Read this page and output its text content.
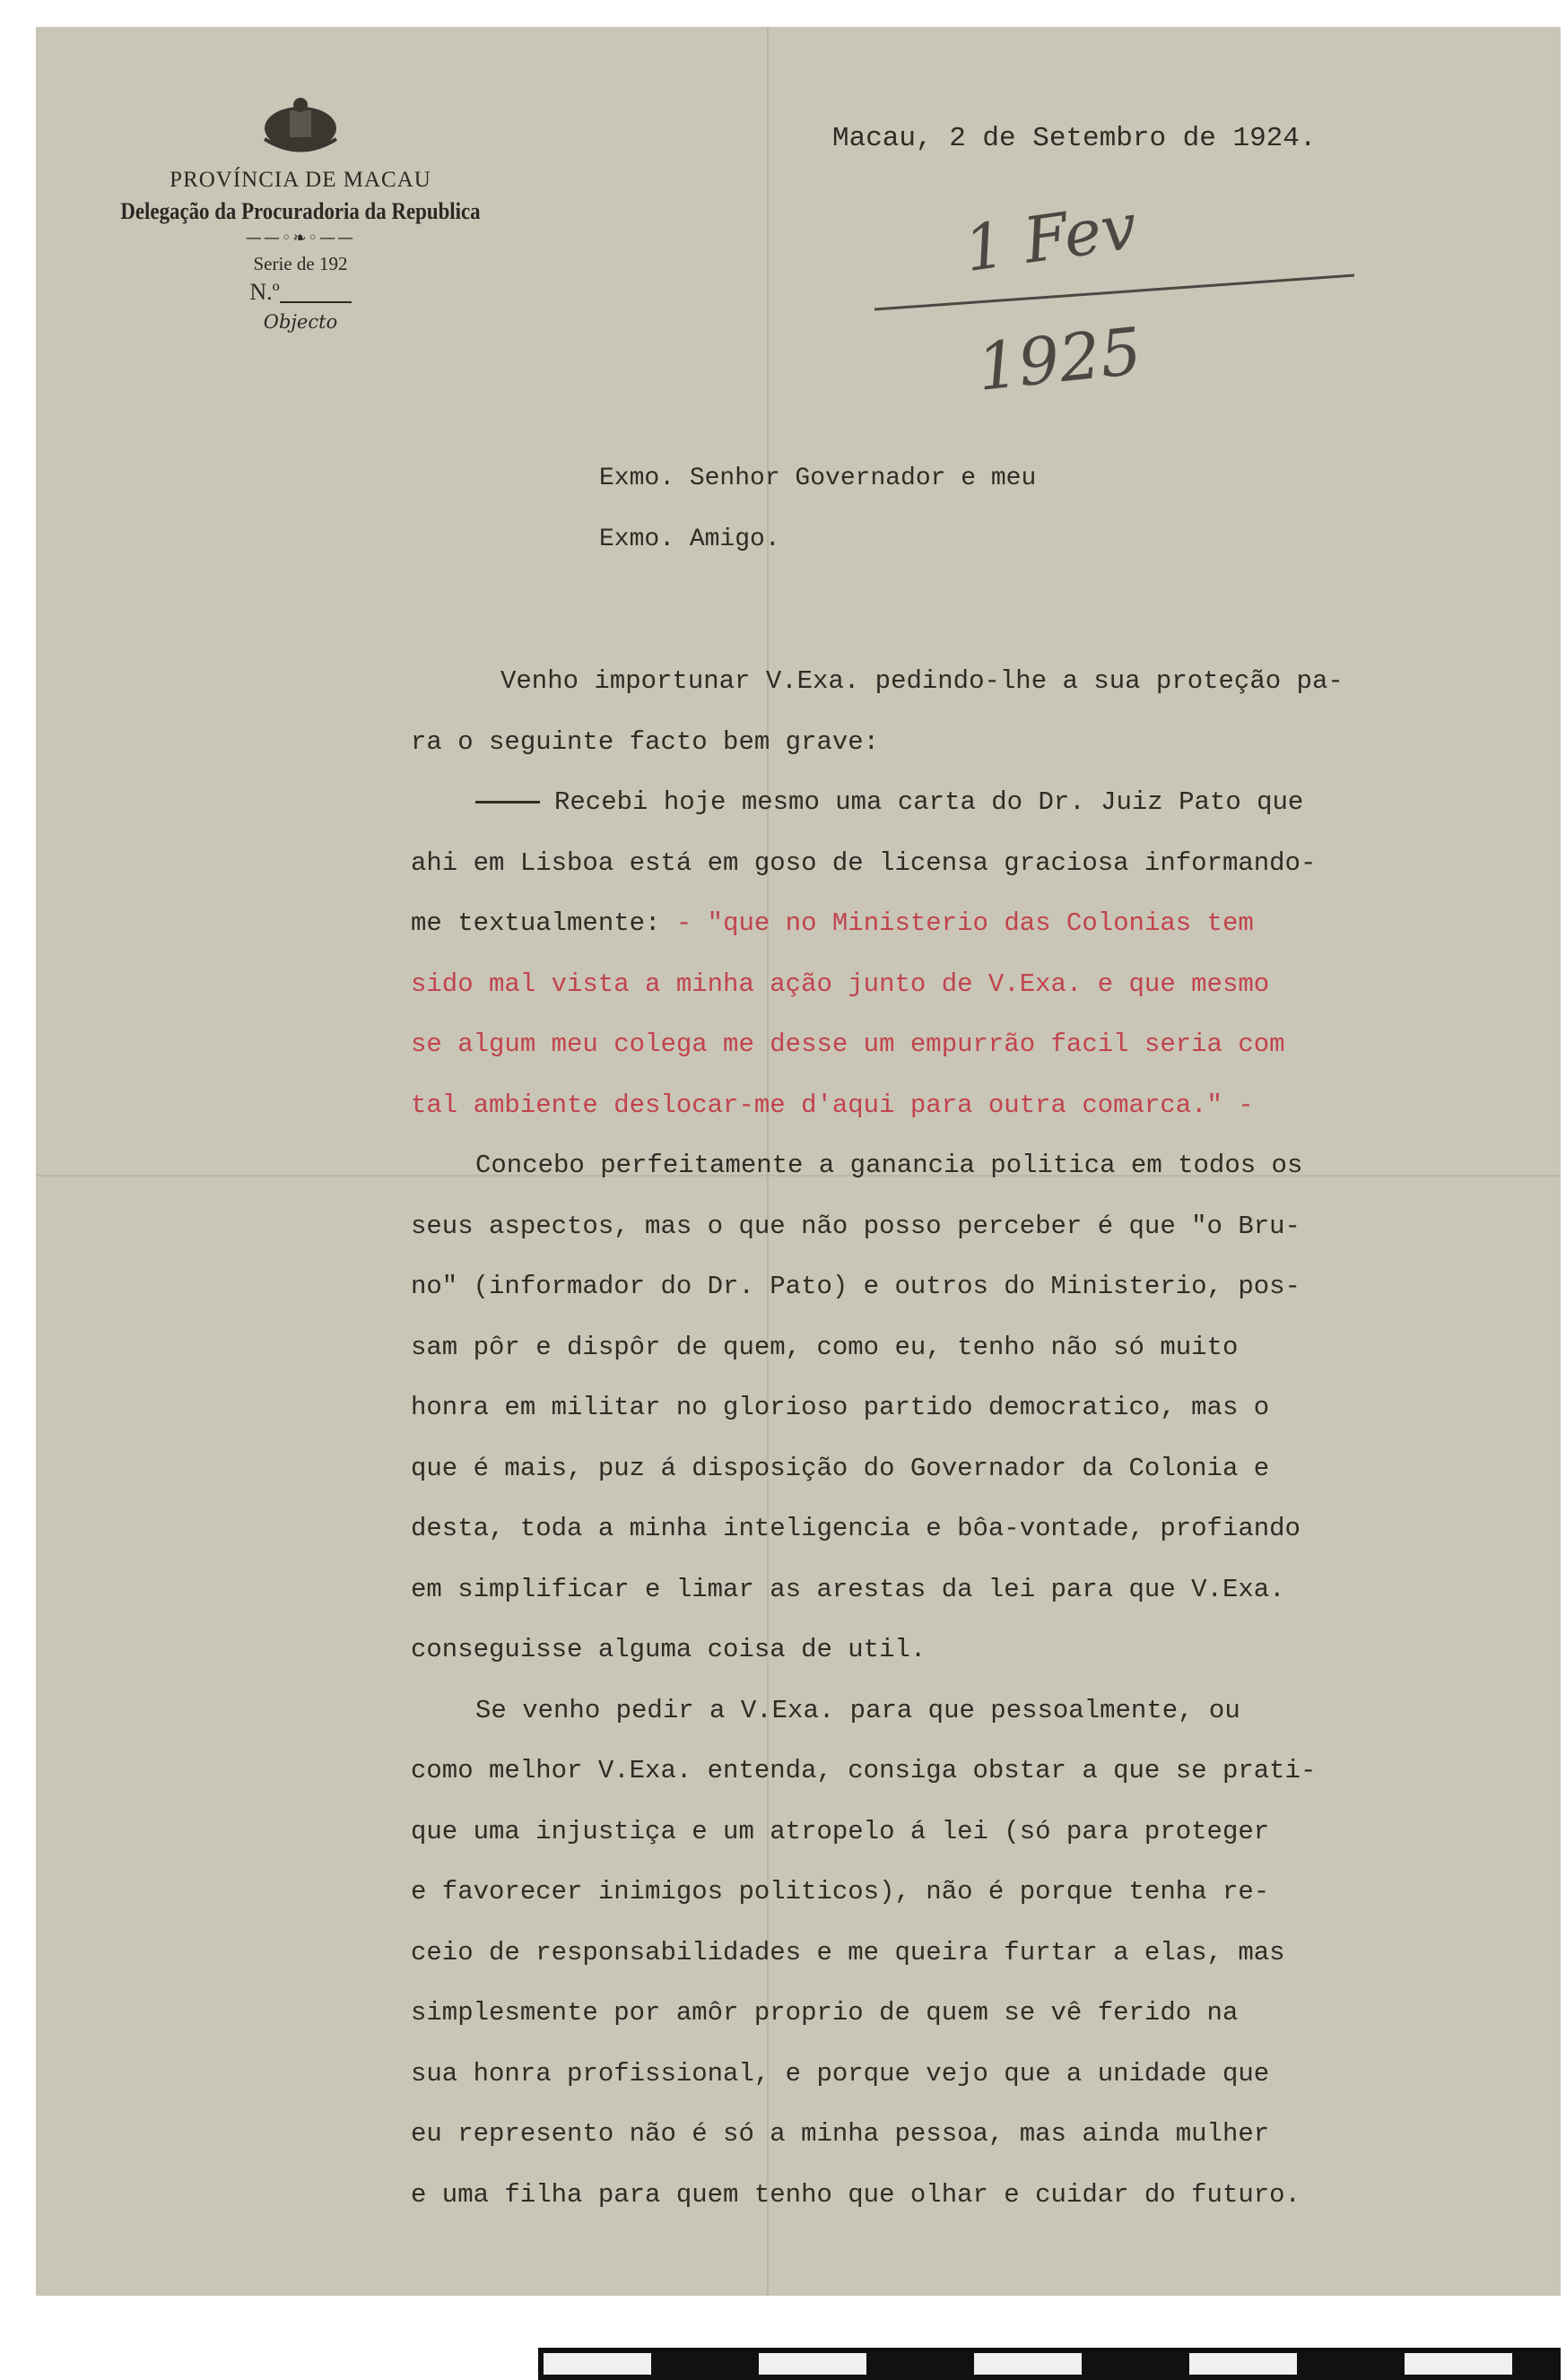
PROVÍNCIA DE MACAU
Delegação da Procuradoria da Republica
——◦❧◦——
Serie de 192
N.º
Objecto
Macau, 2 de Setembro de 1924.
1 Fev
1925
Exmo. Senhor Governador e meu
Exmo. Amigo.
Venho importunar V.Exa. pedindo-lhe a sua proteção pa-
ra o seguinte facto bem grave:
Recebi hoje mesmo uma carta do Dr. Juiz Pato que
ahi em Lisboa está em goso de licensa graciosa informando-
me textualmente: - "que no Ministerio das Colonias tem
sido mal vista a minha ação junto de V.Exa. e que mesmo
se algum meu colega me desse um empurrão facil seria com
tal ambiente deslocar-me d'aqui para outra comarca." -
Concebo perfeitamente a ganancia politica em todos os
seus aspectos, mas o que não posso perceber é que "o Bru-
no" (informador do Dr. Pato) e outros do Ministerio, pos-
sam pôr e dispôr de quem, como eu, tenho não só muito
honra em militar no glorioso partido democratico, mas o
que é mais, puz á disposição do Governador da Colonia e
desta, toda a minha inteligencia e bôa-vontade, profiando
em simplificar e limar as arestas da lei para que V.Exa.
conseguisse alguma coisa de util.
Se venho pedir a V.Exa. para que pessoalmente, ou
como melhor V.Exa. entenda, consiga obstar a que se prati-
que uma injustiça e um atropelo á lei (só para proteger
e favorecer inimigos politicos), não é porque tenha re-
ceio de responsabilidades e me queira furtar a elas, mas
simplesmente por amôr proprio de quem se vê ferido na
sua honra profissional, e porque vejo que a unidade que
eu represento não é só a minha pessoa, mas ainda mulher
e uma filha para quem tenho que olhar e cuidar do futuro.
